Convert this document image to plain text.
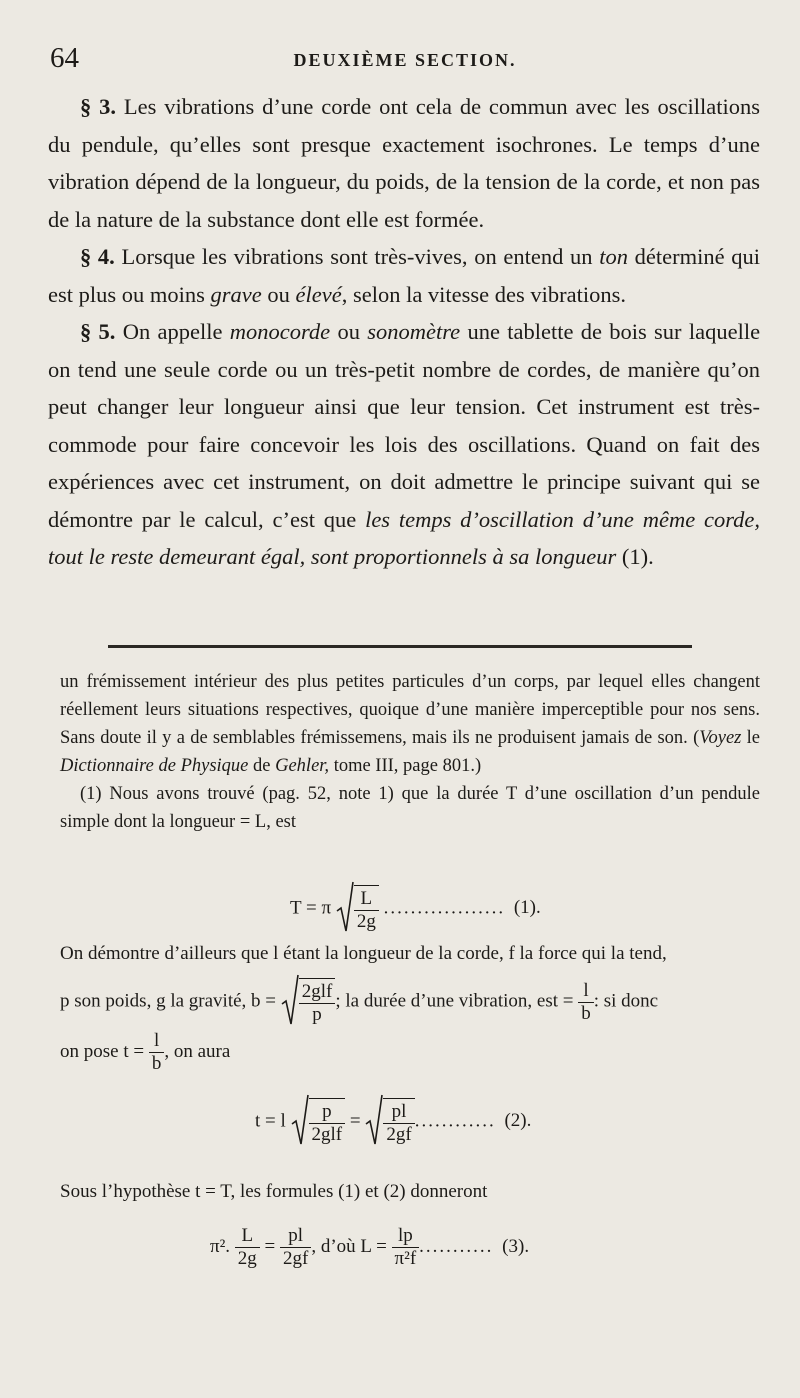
64	DEUXIÈME SECTION.

§ 3. Les vibrations d’une corde ont cela de commun avec les oscillations du pendule, qu’elles sont presque exactement isochrones. Le temps d’une vibration dépend de la longueur, du poids, de la tension de la corde, et non pas de la nature de la substance dont elle est formée.

§ 4. Lorsque les vibrations sont très-vives, on entend un ton déterminé qui est plus ou moins grave ou élevé, selon la vitesse des vibrations.

§ 5. On appelle monocorde ou sonomètre une tablette de bois sur laquelle on tend une seule corde ou un très-petit nombre de cordes, de manière qu’on peut changer leur longueur ainsi que leur tension. Cet instrument est très-commode pour faire concevoir les lois des oscillations. Quand on fait des expériences avec cet instrument, on doit admettre le principe suivant qui se démontre par le calcul, c’est que les temps d’oscillation d’une même corde, tout le reste demeurant égal, sont proportionnels à sa longueur (1).

un frémissement intérieur des plus petites particules d’un corps, par lequel elles changent réellement leurs situations respectives, quoique d’une manière imperceptible pour nos sens. Sans doute il y a de semblables frémissemens, mais ils ne produisent jamais de son. (Voyez le Dictionnaire de Physique de Gehler, tome III, page 801.)

(1) Nous avons trouvé (pag. 52, note 1) que la durée T d’une oscillation d’un pendule simple dont la longueur = L, est

T = π $\frac{L}{2g}$ .................. (1).
On démontre d’ailleurs que l étant la longueur de la corde, f la force qui la tend,
p son poids, g la gravité, $b = \frac{\text{2glf}}{p}$ ; la durée d’une vibration, est = $\frac{l}{b}$ : si donc
on pose $t = \frac{l}{b}$ , on aura
t = l $\frac{p}{\text{2glf}} = \frac{pl}{2gf}$ ............ (2).
Sous l’hypothèse t = T, les formules (1) et (2) donneront
π². $\frac{L}{2g} = \frac{pl}{2gf}$ , d’où $L = \frac{lp}{\text{π²f}}$ ........... (3).
